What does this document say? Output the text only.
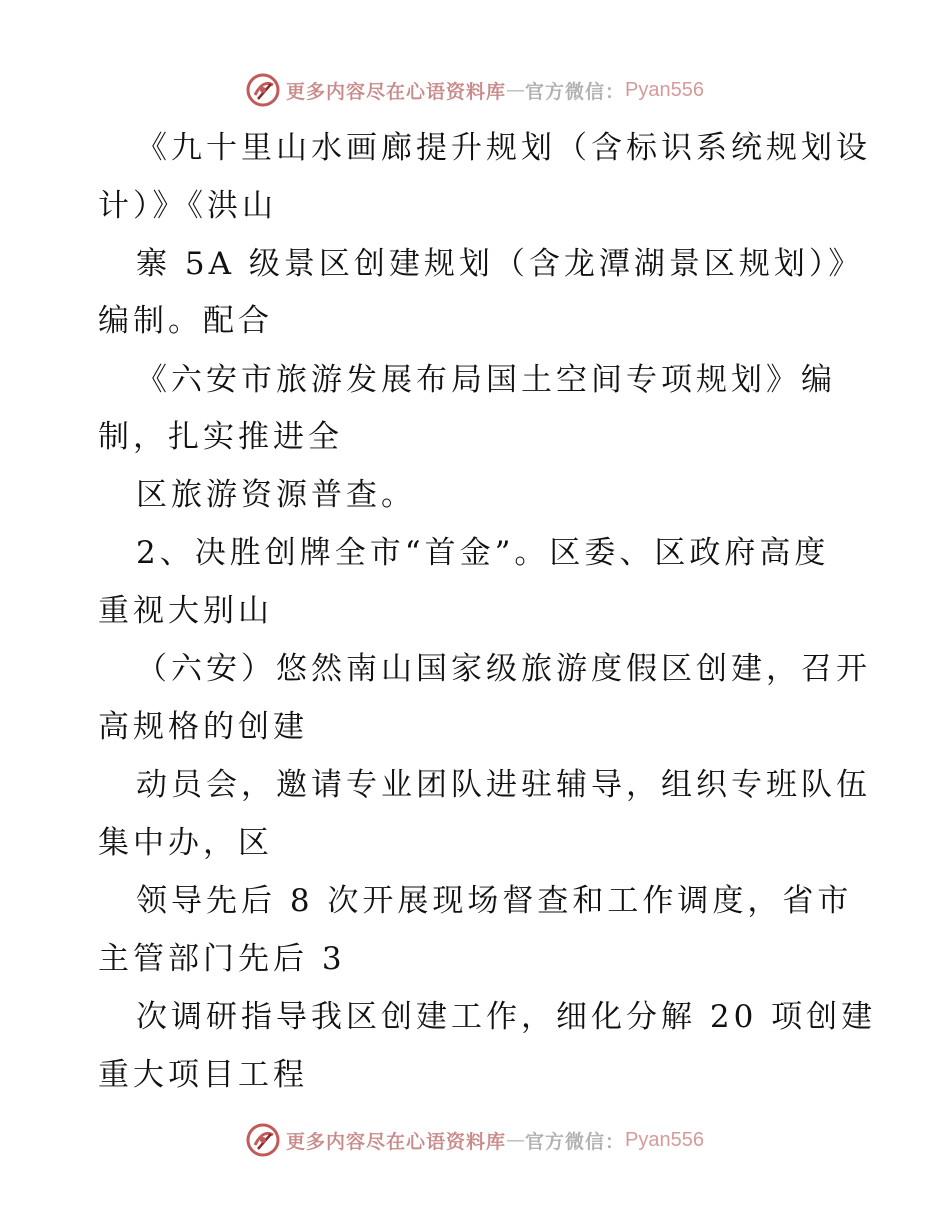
更多内容尽在心语资料库 — 官方微信： Pyan556
《九十里山水画廊提升规划（含标识系统规划设
计）》《洪山
寨 5A 级景区创建规划（含龙潭湖景区规划）》
编制。配合
《六安市旅游发展布局国土空间专项规划》编
制，扎实推进全
区旅游资源普查。
2、决胜创牌全市“首金”。区委、区政府高度
重视大别山
（六安）悠然南山国家级旅游度假区创建，召开
高规格的创建
动员会，邀请专业团队进驻辅导，组织专班队伍
集中办，区
领导先后 8 次开展现场督查和工作调度，省市
主管部门先后 3
次调研指导我区创建工作，细化分解 20 项创建
重大项目工程
更多内容尽在心语资料库 — 官方微信： Pyan556
